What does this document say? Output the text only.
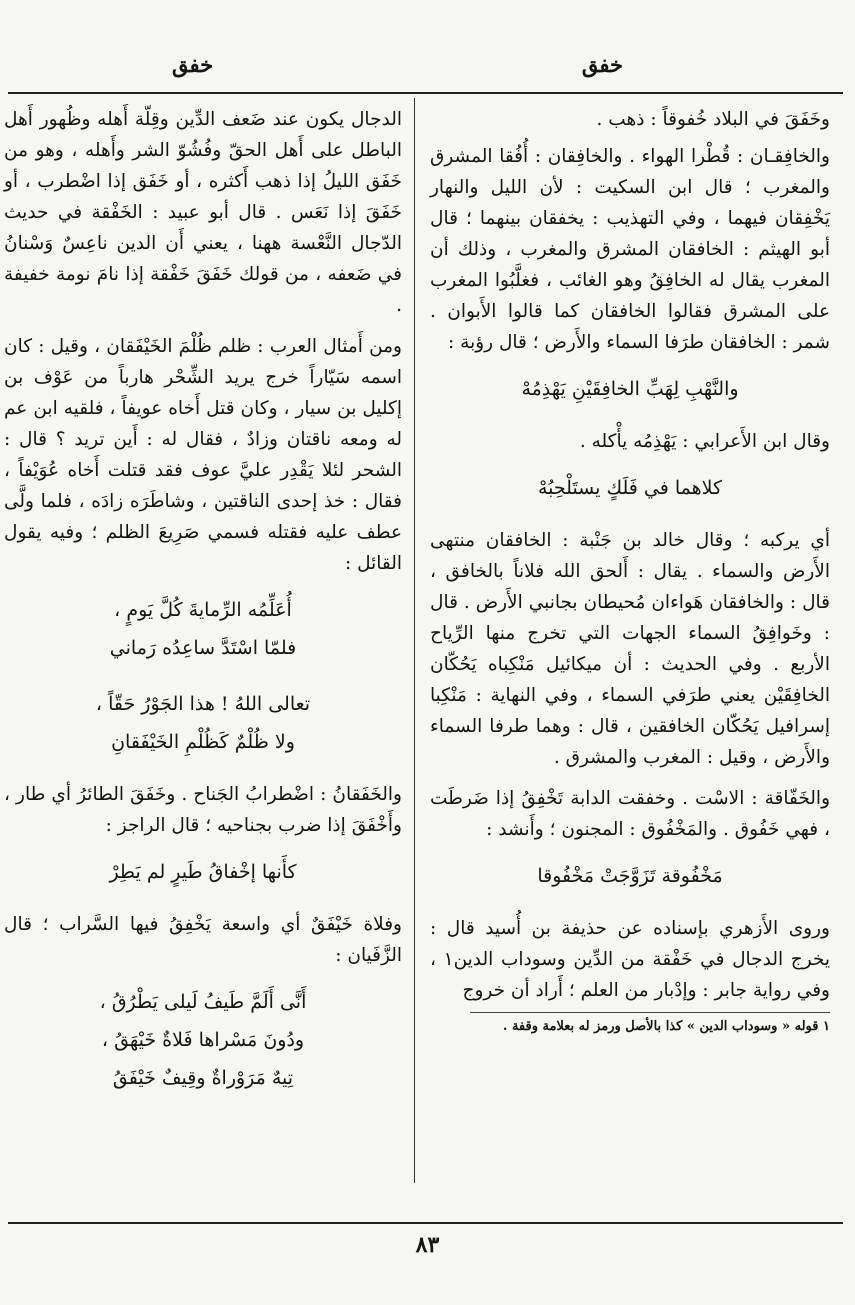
خفق
خفق

وخَفَقَ في البلاد خُفوقاً : ذهب .

والخافِقـان : قُطْرا الهواء . والخافِقان : أُفُقا المشرق والمغرب ؛ قال ابن السكيت : لأن الليل والنهار يَخْفِقان فيهما ، وفي التهذيب : يخفقان بينهما ؛ قال أبو الهيثم : الخافقان المشرق والمغرب ، وذلك أن المغرب يقال له الخافِقُ وهو الغائب ، فغلَّبُوا المغرب على المشرق فقالوا الخافقان كما قالوا الأَبوان . شمر : الخافقان طرَفا السماء والأَرض ؛ قال رؤبة :

والنَّهْبِ لِهَبِّ الخافِقَيْنِ يَهْذِمُهْ

وقال ابن الأَعرابي : يَهْذِمُه يأْكله .

كلاهما في فَلَكٍ يستَلْحِبُهْ

أي يركبه ؛ وقال خالد بن جَنْبة : الخافقان منتهى الأَرض والسماء . يقال : أَلحق الله فلاناً بالخافق ، قال : والخافقان هَواءان مُحيطان بجانبي الأَرض . قال : وخَوافِقُ السماء الجهات التي تخرج منها الرِّياح الأربع . وفي الحديث : أن ميكائيل مَنْكِباه يَحُكّان الخافِقَيْن يعني طرَفي السماء ، وفي النهاية : مَنْكِبا إسرافيل يَحُكّان الخافقين ، قال : وهما طرفا السماء والأَرض ، وقيل : المغرب والمشرق .

والخَفّاقة : الاسْت . وخفقت الدابة تَخْفِقُ إذا ضَرطَت ، فهي خَفُوق . والمَخْفُوق : المجنون ؛ وأَنشد :

مَخْفُوقة تَزَوَّجَتْ مَخْفُوقا

وروى الأَزهري بإسناده عن حذيفة بن أُسيد قال : يخرج الدجال في خَفْقة من الدِّين وسوداب الدين١ ، وفي رواية جابر : وإدْبار من العلم ؛ أَراد أن خروج

١ قوله « وسوداب الدين » كذا بالأصل ورمز له بعلامة وقفة .

الدجال يكون عند ضَعف الدِّين وقِلّة أَهله وظُهور أَهل الباطل على أَهل الحقّ وفُشُوّ الشر وأَهله ، وهو من خَفَق الليلُ إذا ذهب أَكثره ، أو خَفَق إذا اضْطرب ، أو خَفَقَ إذا نَعَس . قال أبو عبيد : الخَفْقة في حديث الدّجال النَّعْسة ههنا ، يعني أَن الدين ناعِسٌ وَسْنانُ في ضَعفه ، من قولك خَفَقَ خَفْقة إذا نامَ نومة خفيفة .

ومن أَمثال العرب : ظلم ظُلْمَ الخَيْفَقان ، وقيل : كان اسمه سَيّاراً خرج يريد الشِّحْر هارباً من عَوْف بن إكليل بن سيار ، وكان قتل أَخاه عويفاً ، فلقيه ابن عم له ومعه ناقتان وزادٌ ، فقال له : أَين تريد ؟ قال : الشحر لئلا يَقْدِر عليَّ عوف فقد قتلت أَخاه عُوَيْفاً ، فقال : خذ إحدى الناقتين ، وشاطَرَه زادَه ، فلما ولَّى عطف عليه فقتله فسمي صَرِيعَ الظلم ؛ وفيه يقول القائل :

أُعَلِّمُه الرِّمايةَ كُلَّ يَومٍ ،
فلمّا اسْتَدَّ ساعِدُه رَماني
تعالى اللهُ ! هذا الجَوْرُ حَقّاً ،
ولا ظُلْمٌ كَظُلْمِ الخَيْفَقانِ

والخَفَقانُ : اضْطرابُ الجَناح . وخَفَقَ الطائرُ أي طار ، وأَخْفَقَ إذا ضرب بجناحيه ؛ قال الراجز :

كأَنها إخْفاقُ طَيرٍ لم يَطِرْ

وفلاة خَيْفَقٌ أي واسعة يَخْفِقُ فيها السَّراب ؛ قال الزَّفَيان :

أَنَّى أَلَمَّ طَيفُ لَيلى يَطْرُقُ ،
ودُونَ مَسْراها فَلاةٌ خَيْهَقُ ،
تِيهٌ مَرَوْراةٌ وقِيفٌ خَيْفَقُ
٨٣
